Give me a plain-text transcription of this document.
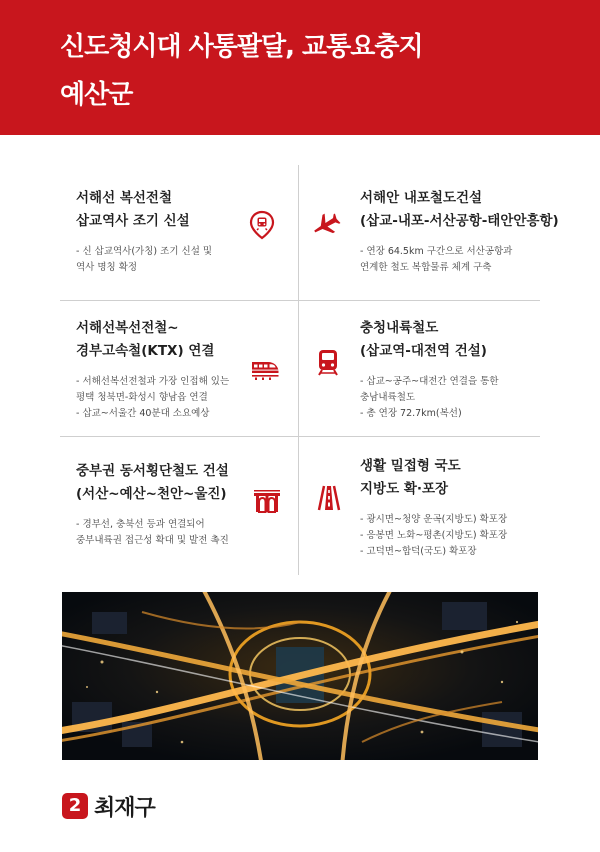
신도청시대 사통팔달, 교통요충지
예산군
서해선 복선전철
삽교역사 조기 신설
- 신 삽교역사(가칭) 조기 신설 및
역사 명칭 확정
서해안 내포철도건설
(삽교-내포-서산공항-태안안흥항)
- 연장 64.5km 구간으로 서산공항과
연계한 철도 복합물류 체계 구축
서해선복선전철~
경부고속철(KTX) 연결
- 서해선복선전철과 가장 인접해 있는
평택 청북면-화성시 향남읍 연결
- 삽교~서울간 40분대 소요예상
충청내륙철도
(삽교역-대전역 건설)
- 삽교~공주~대전간 연결을 통한
충남내륙철도
- 총 연장 72.7km(복선)
중부권 동서횡단철도 건설
(서산~예산~천안~울진)
- 경부선, 충북선 등과 연결되어
중부내륙권 접근성 확대 및 발전 촉진
생활 밀접형 국도
지방도 확·포장
- 광시면~청양 운곡(지방도) 확포장
- 응봉면 노화~평촌(지방도) 확포장
- 고덕면~합덕(국도) 확포장
2 최재구
